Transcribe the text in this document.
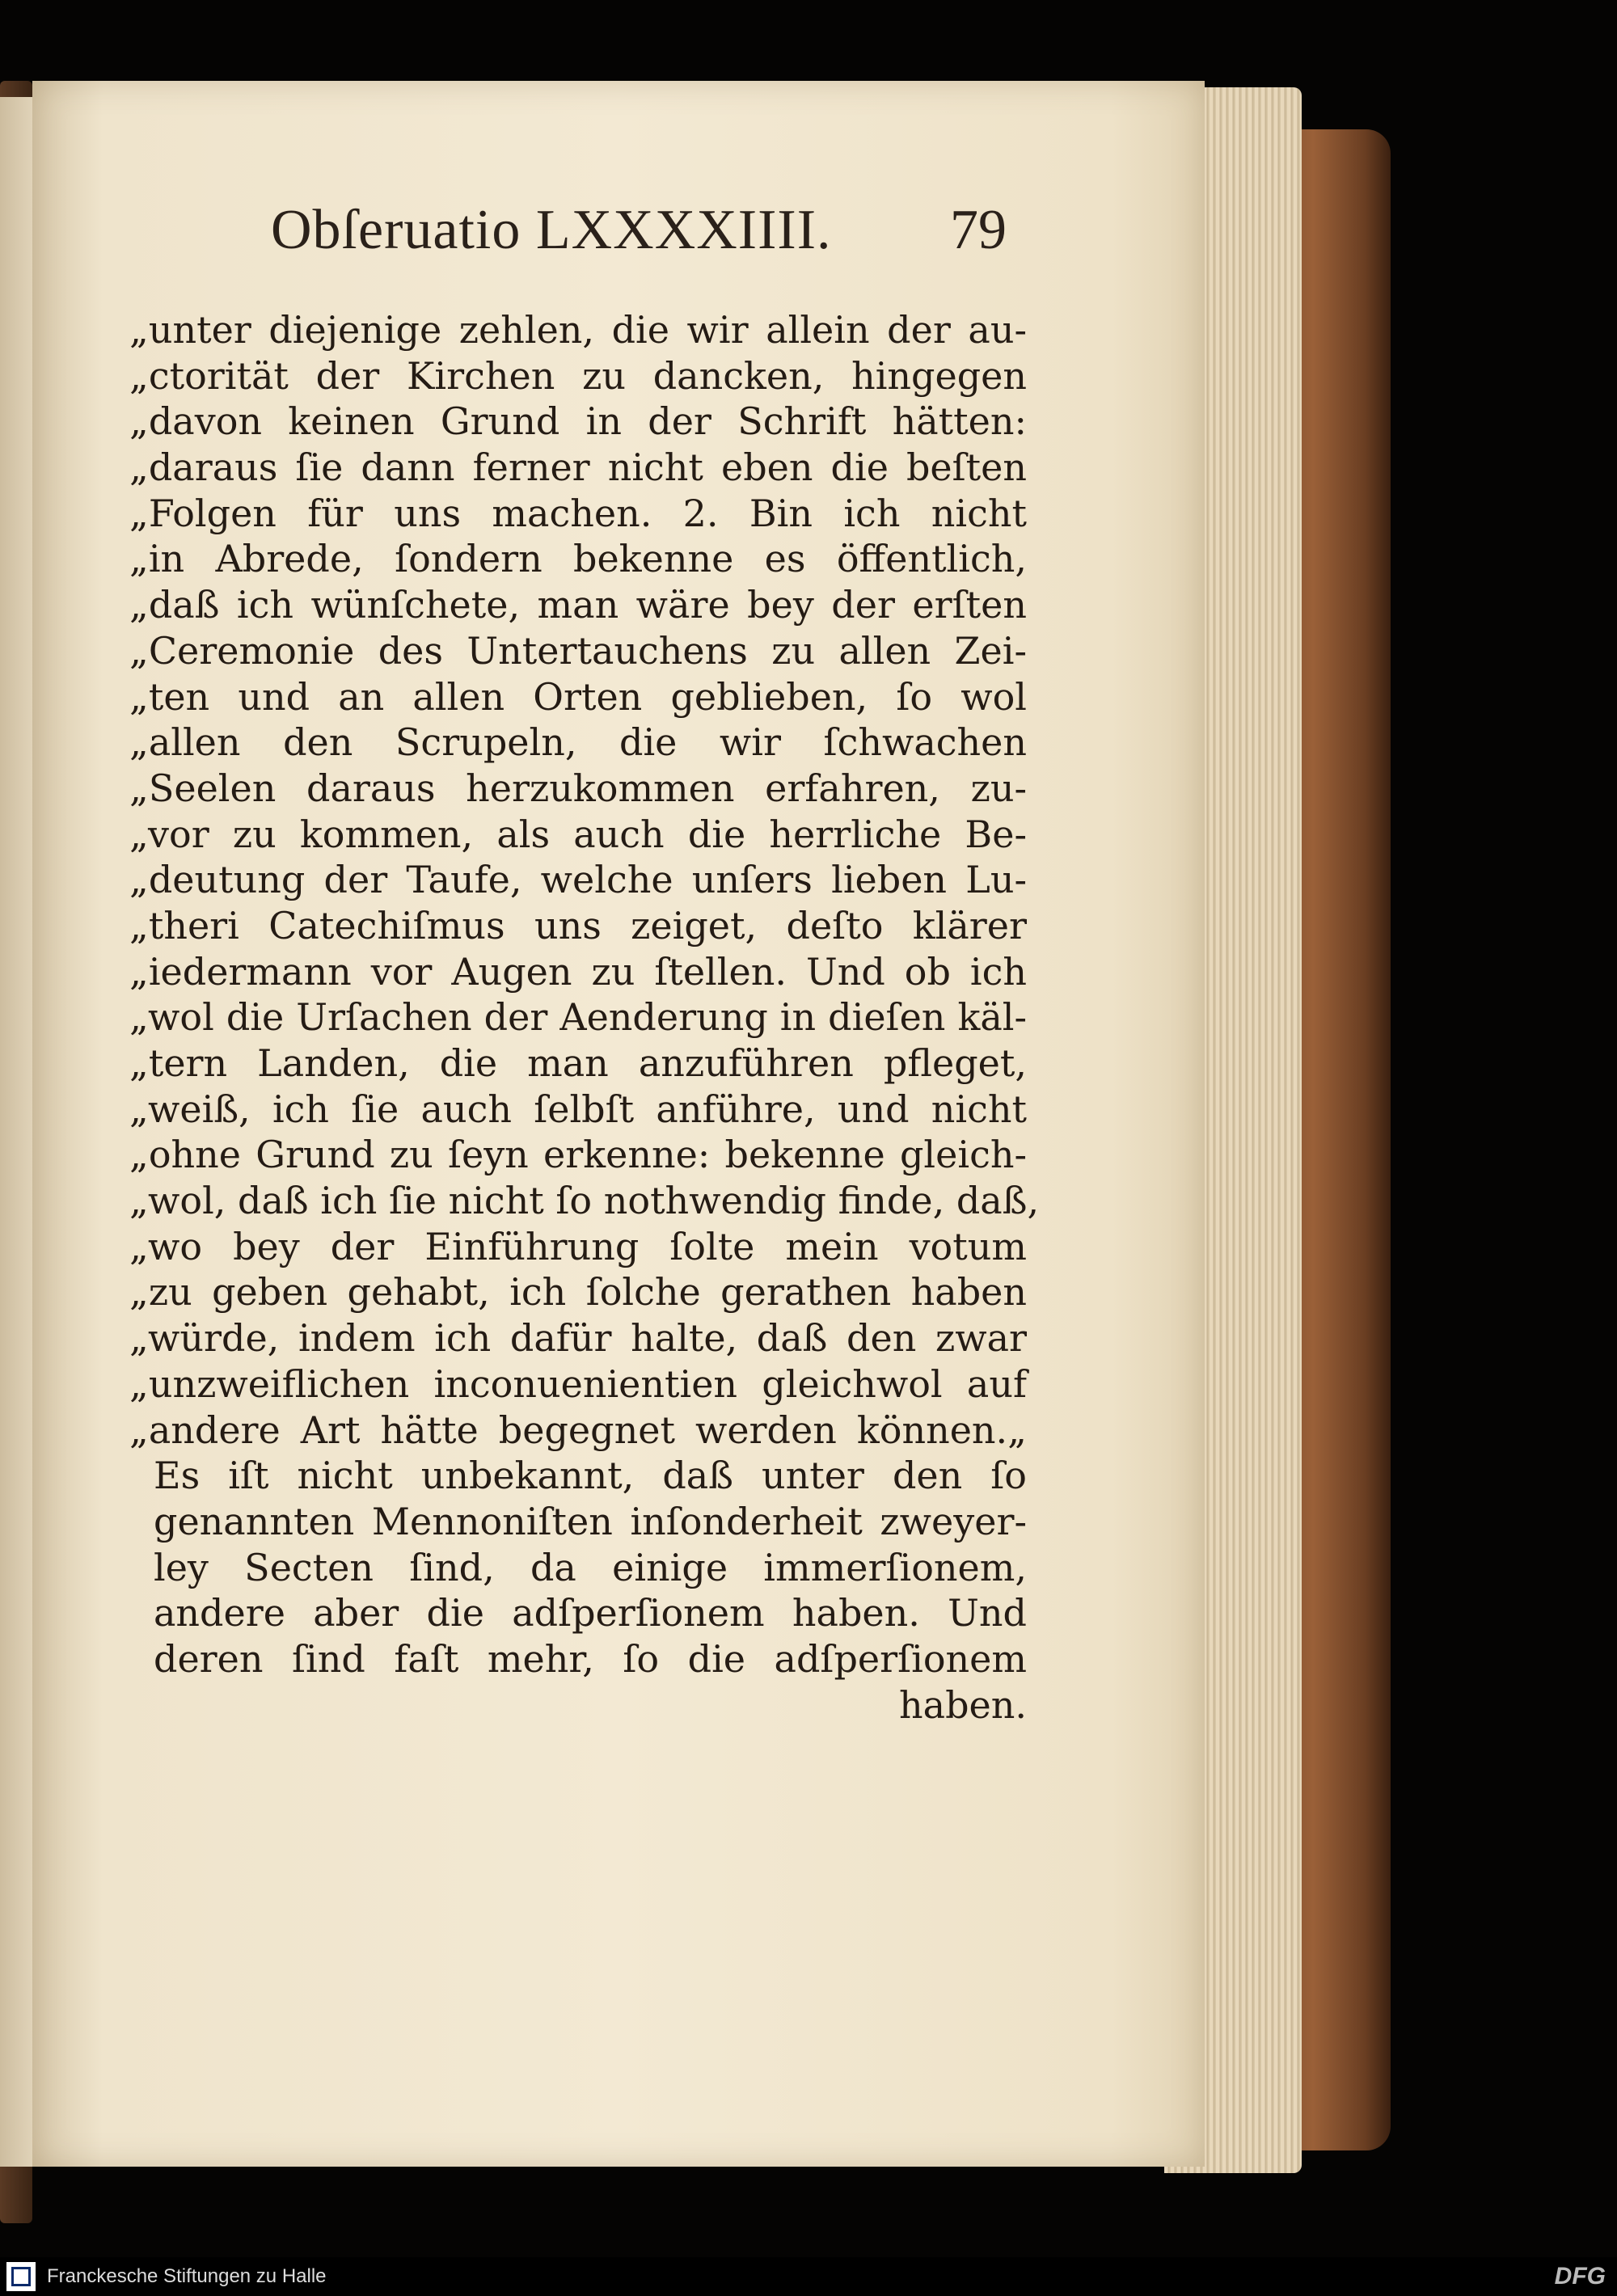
Obſeruatio LXXXXIIII. 79
„unter diejenige zehlen, die wir allein der au-
„ctorität der Kirchen zu dancken, hingegen
„davon keinen Grund in der Schrift hätten:
„daraus ſie dann ferner nicht eben die beſten
„Folgen für uns machen. 2. Bin ich nicht
„in Abrede, ſondern bekenne es öffentlich,
„daß ich wünſchete, man wäre bey der erſten
„Ceremonie des Untertauchens zu allen Zei-
„ten und an allen Orten geblieben, ſo wol
„allen den Scrupeln, die wir ſchwachen
„Seelen daraus herzukommen erfahren, zu-
„vor zu kommen, als auch die herrliche Be-
„deutung der Taufe, welche unſers lieben Lu-
„theri Catechiſmus uns zeiget, deſto klärer
„iedermann vor Augen zu ſtellen. Und ob ich
„wol die Urſachen der Aenderung in dieſen käl-
„tern Landen, die man anzuführen pfleget,
„weiß, ich ſie auch ſelbſt anführe, und nicht
„ohne Grund zu ſeyn erkenne: bekenne gleich-
„wol, daß ich ſie nicht ſo nothwendig finde, daß,
„wo bey der Einführung ſolte mein votum
„zu geben gehabt, ich ſolche gerathen haben
„würde, indem ich dafür halte, daß den zwar
„unzweiflichen inconuenientien gleichwol auf
„andere Art hätte begegnet werden können.„
Es iſt nicht unbekannt, daß unter den ſo
genannten Mennoniſten inſonderheit zweyer-
ley Secten ſind, da einige immerſionem,
andere aber die adſperſionem haben. Und
deren ſind faſt mehr, ſo die adſperſionem
haben.
Franckesche Stiftungen zu Halle	DFG
